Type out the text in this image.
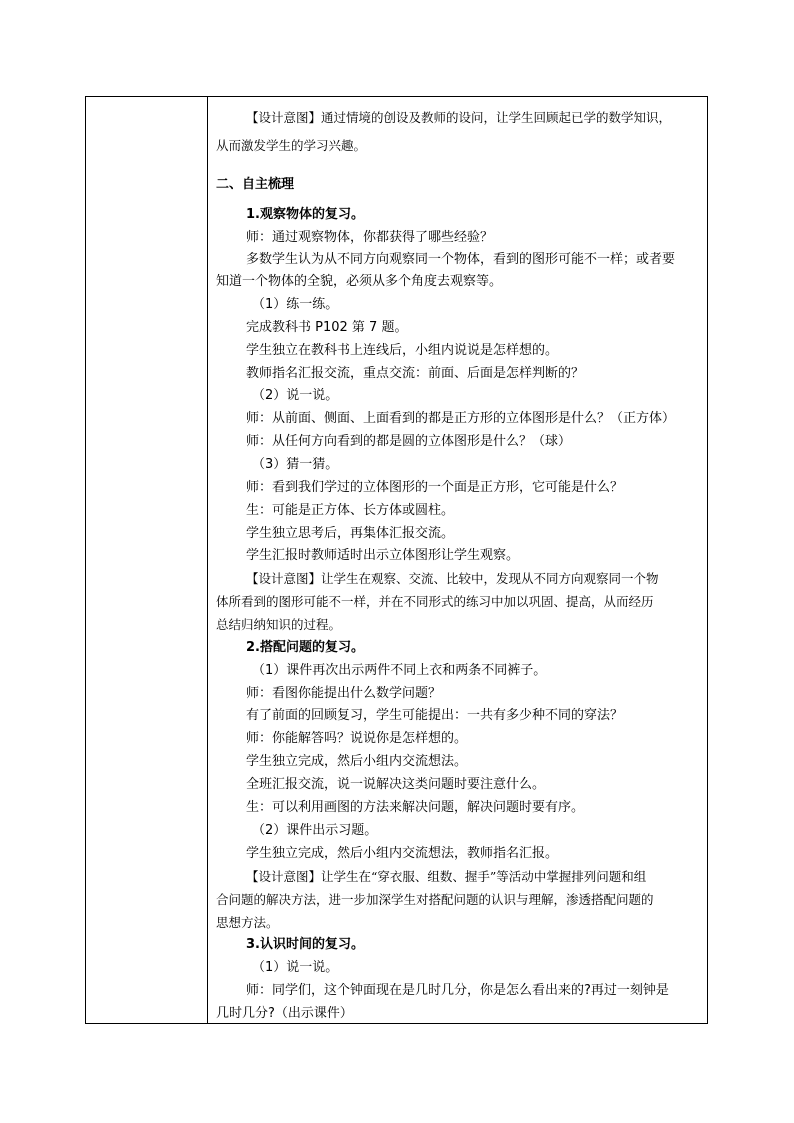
【设计意图】通过情境的创设及教师的设问，让学生回顾起已学的数学知识，
从而激发学生的学习兴趣。
二、自主梳理
1.观察物体的复习。
师：通过观察物体，你都获得了哪些经验？
多数学生认为从不同方向观察同一个物体，看到的图形可能不一样；或者要
知道一个物体的全貌，必须从多个角度去观察等。
（1）练一练。
完成教科书 P102 第 7 题。
学生独立在教科书上连线后，小组内说说是怎样想的。
教师指名汇报交流，重点交流：前面、后面是怎样判断的？
（2）说一说。
师：从前面、侧面、上面看到的都是正方形的立体图形是什么？（正方体）
师：从任何方向看到的都是圆的立体图形是什么？（球）
（3）猜一猜。
师：看到我们学过的立体图形的一个面是正方形，它可能是什么？
生：可能是正方体、长方体或圆柱。
学生独立思考后，再集体汇报交流。
学生汇报时教师适时出示立体图形让学生观察。
【设计意图】让学生在观察、交流、比较中，发现从不同方向观察同一个物
体所看到的图形可能不一样，并在不同形式的练习中加以巩固、提高，从而经历
总结归纳知识的过程。
2.搭配问题的复习。
（1）课件再次出示两件不同上衣和两条不同裤子。
师：看图你能提出什么数学问题？
有了前面的回顾复习，学生可能提出：一共有多少种不同的穿法？
师：你能解答吗？说说你是怎样想的。
学生独立完成，然后小组内交流想法。
全班汇报交流，说一说解决这类问题时要注意什么。
生：可以利用画图的方法来解决问题，解决问题时要有序。
（2）课件出示习题。
学生独立完成，然后小组内交流想法，教师指名汇报。
【设计意图】让学生在“穿衣服、组数、握手”等活动中掌握排列问题和组
合问题的解决方法，进一步加深学生对搭配问题的认识与理解，渗透搭配问题的
思想方法。
3.认识时间的复习。
（1）说一说。
师：同学们，这个钟面现在是几时几分，你是怎么看出来的?再过一刻钟是
几时几分?（出示课件）
